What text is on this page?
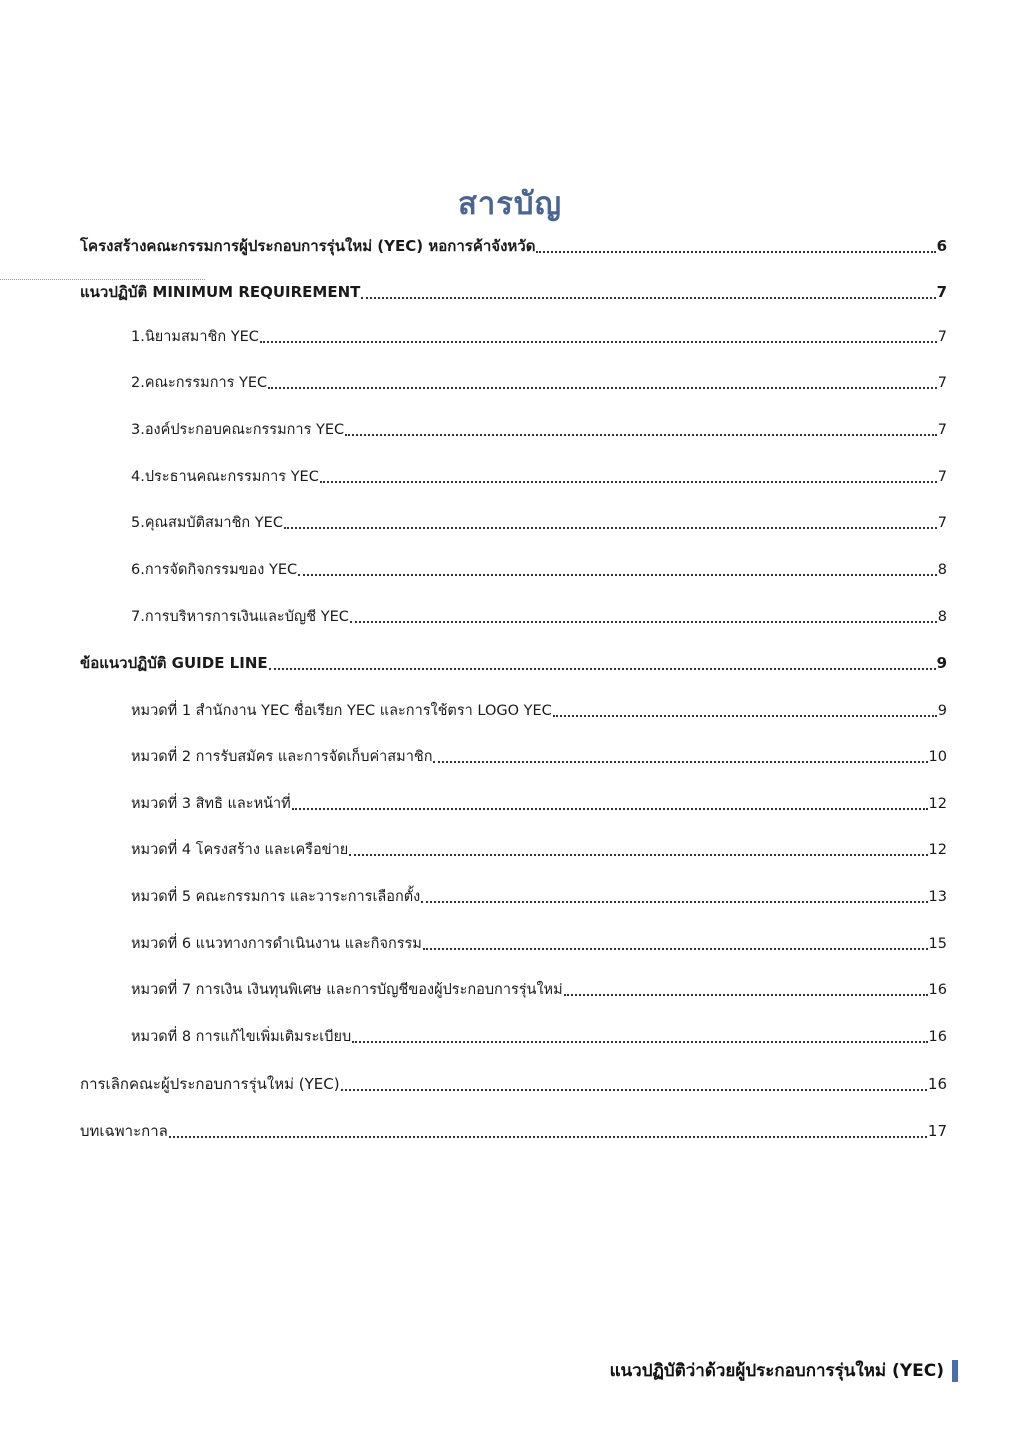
สารบัญ
โครงสร้างคณะกรรมการผู้ประกอบการรุ่นใหม่ (YEC) หอการค้าจังหวัด	6
แนวปฏิบัติ MINIMUM REQUIREMENT	7
1.นิยามสมาชิก YEC	7
2.คณะกรรมการ YEC	7
3.องค์ประกอบคณะกรรมการ YEC	7
4.ประธานคณะกรรมการ YEC	7
5.คุณสมบัติสมาชิก YEC	7
6.การจัดกิจกรรมของ YEC	8
7.การบริหารการเงินและบัญชี YEC	8
ข้อแนวปฏิบัติ GUIDE LINE	9
หมวดที่ 1 สำนักงาน YEC ชื่อเรียก YEC และการใช้ตรา LOGO YEC	9
หมวดที่ 2 การรับสมัคร และการจัดเก็บค่าสมาชิก	10
หมวดที่ 3 สิทธิ และหน้าที่	12
หมวดที่ 4 โครงสร้าง และเครือข่าย	12
หมวดที่ 5 คณะกรรมการ และวาระการเลือกตั้ง	13
หมวดที่ 6 แนวทางการดำเนินงาน และกิจกรรม	15
หมวดที่ 7 การเงิน เงินทุนพิเศษ และการบัญชีของผู้ประกอบการรุ่นใหม่	16
หมวดที่ 8 การแก้ไขเพิ่มเติมระเบียบ	16
การเลิกคณะผู้ประกอบการรุ่นใหม่ (YEC)	16
บทเฉพาะกาล	17
แนวปฏิบัติว่าด้วยผู้ประกอบการรุ่นใหม่ (YEC)
